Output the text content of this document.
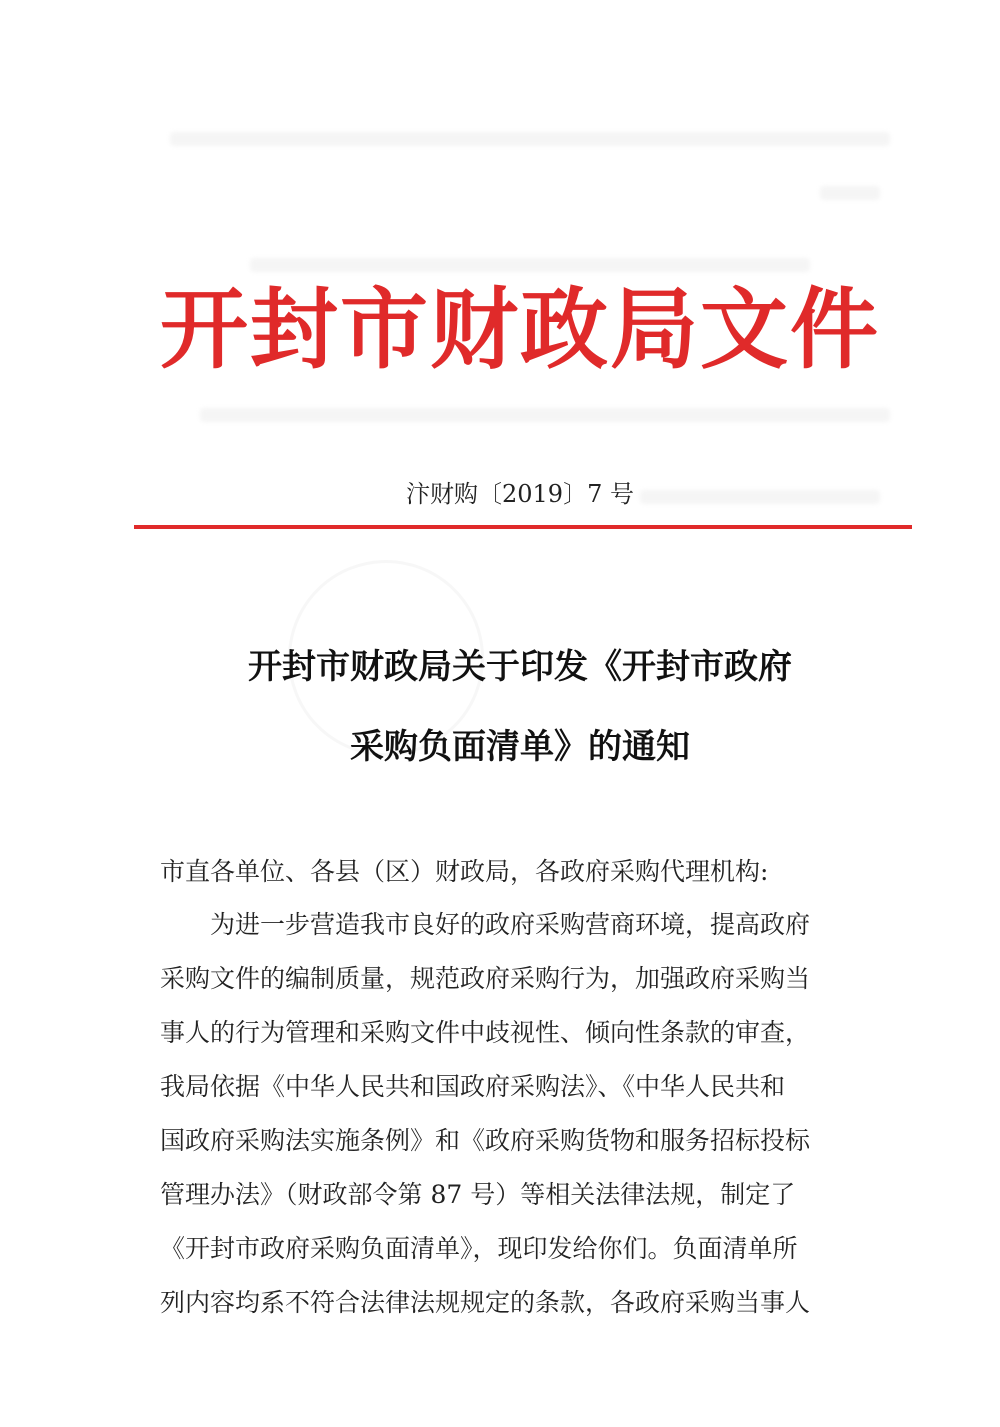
开封市财政局文件
汴财购〔2019〕7 号
开封市财政局关于印发《开封市政府
采购负面清单》的通知
市直各单位、各县（区）财政局，各政府采购代理机构:
为进一步营造我市良好的政府采购营商环境，提高政府
采购文件的编制质量，规范政府采购行为，加强政府采购当
事人的行为管理和采购文件中歧视性、倾向性条款的审查，
我局依据《中华人民共和国政府采购法》、《中华人民共和
国政府采购法实施条例》和《政府采购货物和服务招标投标
管理办法》（财政部令第 87 号）等相关法律法规，制定了
《开封市政府采购负面清单》，现印发给你们。负面清单所
列内容均系不符合法律法规规定的条款，各政府采购当事人
